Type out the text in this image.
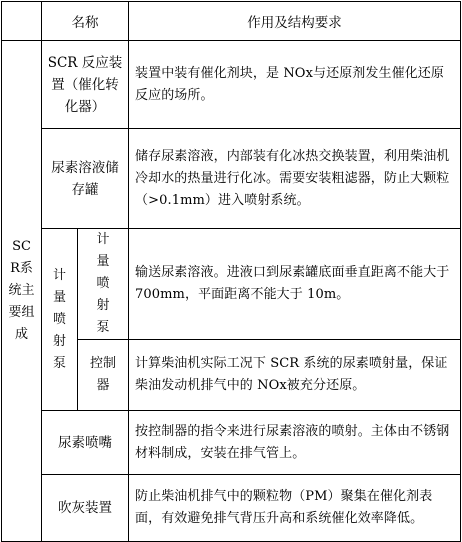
	名称		作用及结构要求

SCR系统主要组成	SCR 反应装置（催化转化器）		装置中装有催化剂块，是 NOx与还原剂发生催化还原反应的场所。
	尿素溶液储存罐		储存尿素溶液，内部装有化冰热交换装置，利用柴油机冷却水的热量进行化冰。需要安装粗滤器，防止大颗粒（>0.1mm）进入喷射系统。

	计量喷射泵	计量喷射泵	输送尿素溶液。进液口到尿素罐底面垂直距离不能大于 700mm，平面距离不能大于 10m。

		控制器	计算柴油机实际工况下 SCR 系统的尿素喷射量，保证柴油发动机排气中的 NOx被充分还原。
	尿素喷嘴		按控制器的指令来进行尿素溶液的喷射。主体由不锈钢材料制成，安装在排气管上。
	吹灰装置		防止柴油机排气中的颗粒物（PM）聚集在催化剂表面，有效避免排气背压升高和系统催化效率降低。
